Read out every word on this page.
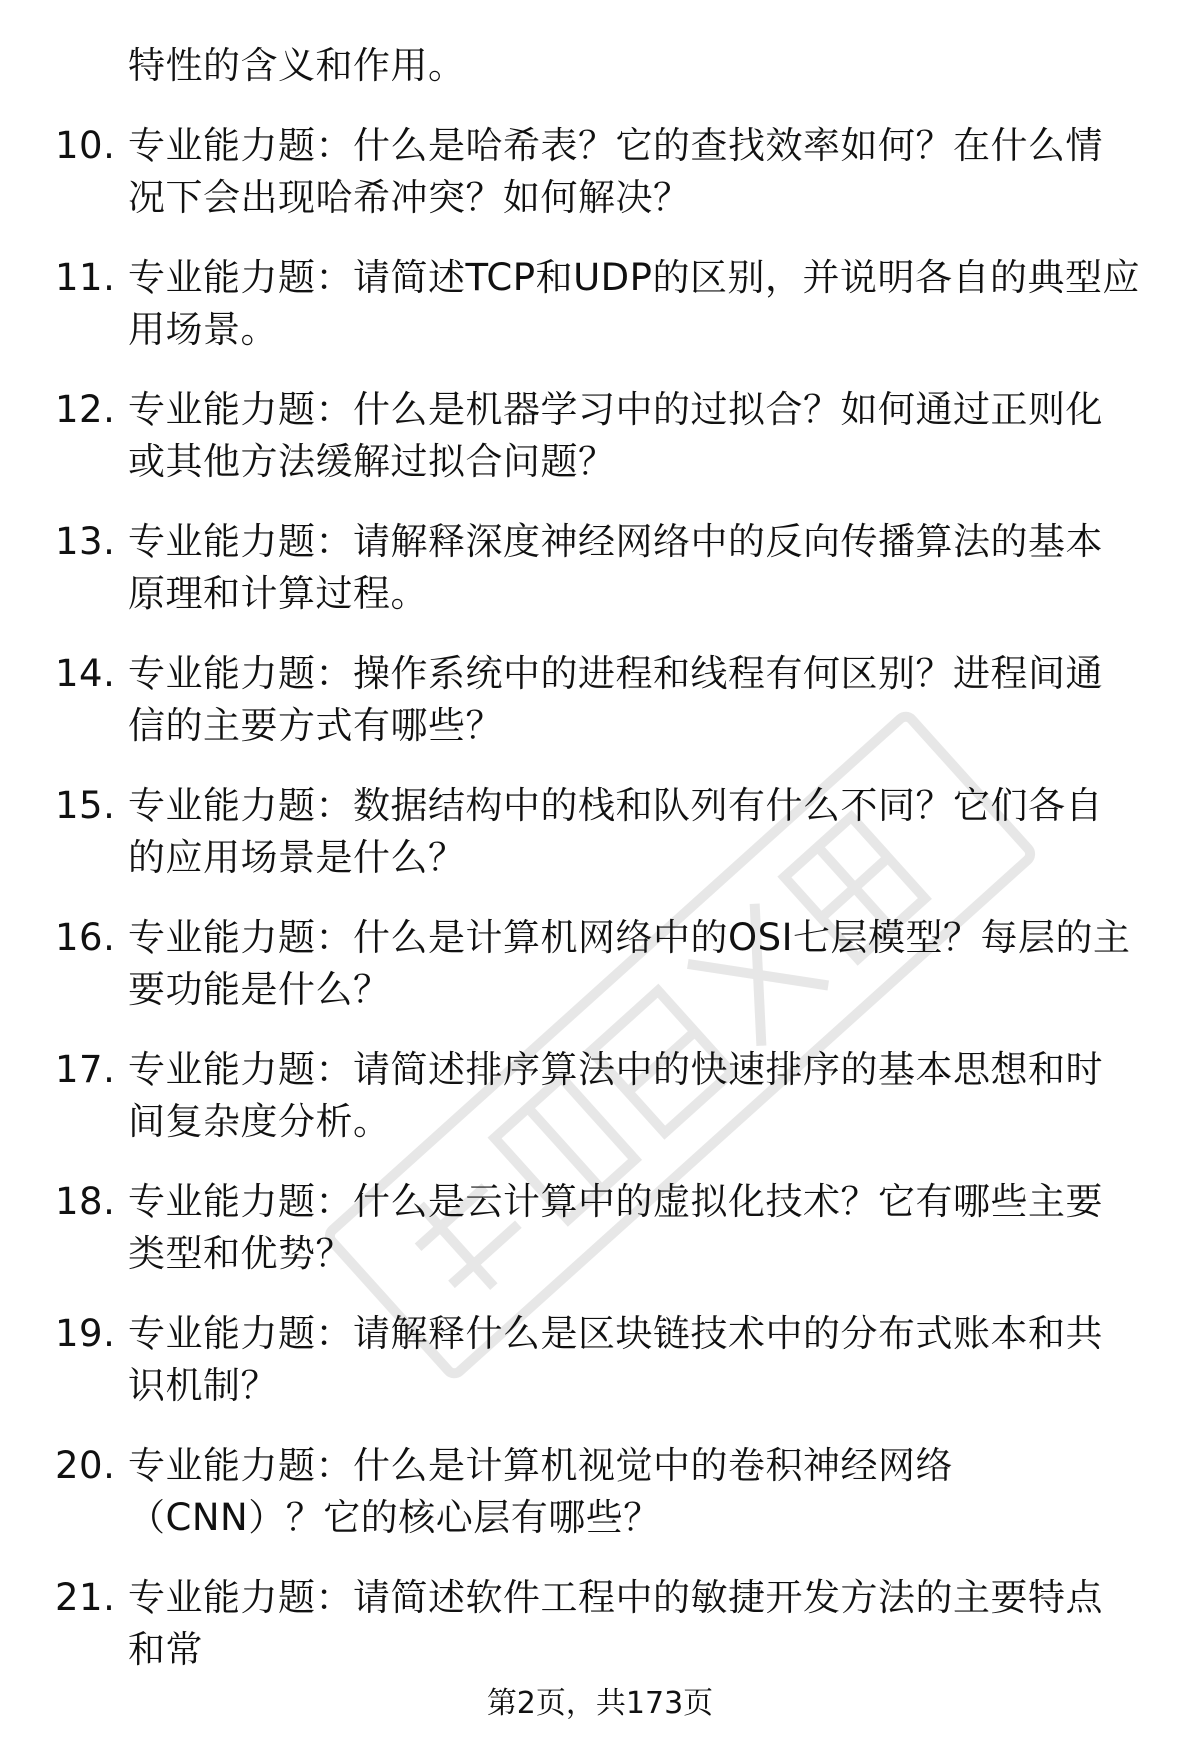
特性的含义和作用。
10. 专业能力题：什么是哈希表？它的查找效率如何？在什么情况下会出现哈希冲突？如何解决？
11. 专业能力题：请简述TCP和UDP的区别，并说明各自的典型应用场景。
12. 专业能力题：什么是机器学习中的过拟合？如何通过正则化或其他方法缓解过拟合问题？
13. 专业能力题：请解释深度神经网络中的反向传播算法的基本原理和计算过程。
14. 专业能力题：操作系统中的进程和线程有何区别？进程间通信的主要方式有哪些？
15. 专业能力题：数据结构中的栈和队列有什么不同？它们各自的应用场景是什么？
16. 专业能力题：什么是计算机网络中的OSI七层模型？每层的主要功能是什么？
17. 专业能力题：请简述排序算法中的快速排序的基本思想和时间复杂度分析。
18. 专业能力题：什么是云计算中的虚拟化技术？它有哪些主要类型和优势？
19. 专业能力题：请解释什么是区块链技术中的分布式账本和共识机制？
20. 专业能力题：什么是计算机视觉中的卷积神经网络（CNN）？它的核心层有哪些？
21. 专业能力题：请简述软件工程中的敏捷开发方法的主要特点和常
第2页，共173页
